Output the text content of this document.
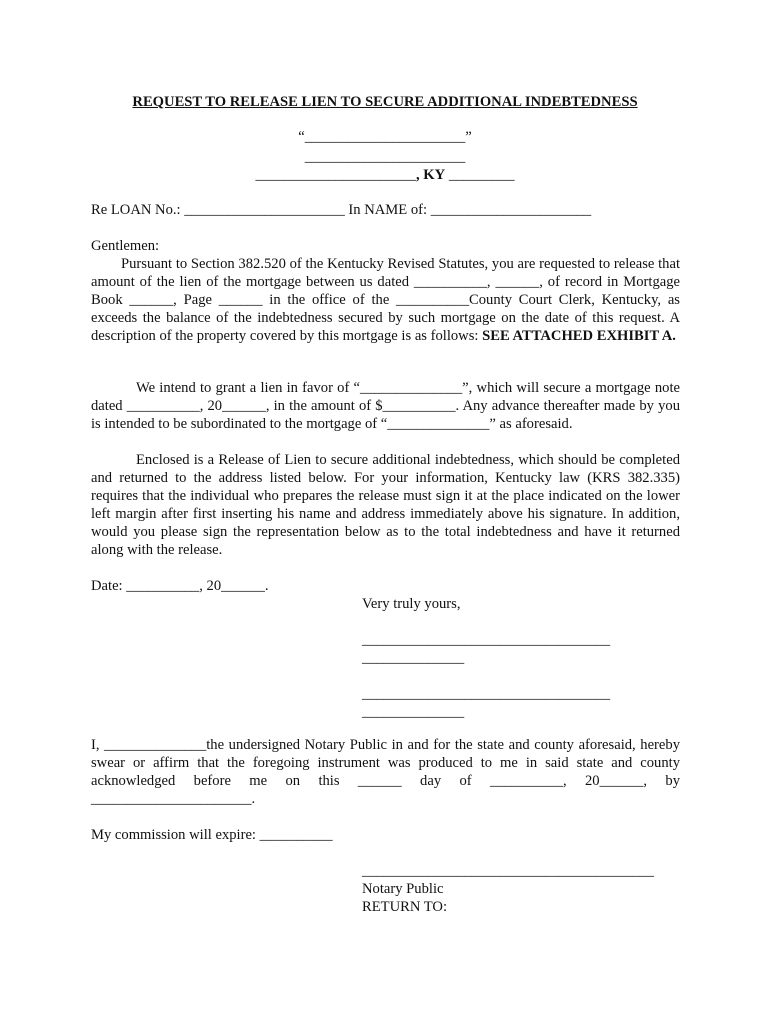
REQUEST TO RELEASE LIEN TO SECURE ADDITIONAL INDEBTEDNESS
“______________________”
______________________
______________________, KY _________
Re LOAN No.: ______________________ In NAME of: ______________________
Gentlemen:
Pursuant to Section 382.520 of the Kentucky Revised Statutes, you are requested to release that amount of the lien of the mortgage between us dated __________, ______, of record in Mortgage Book ______, Page ______ in the office of the __________County Court Clerk, Kentucky, as exceeds the balance of the indebtedness secured by such mortgage on the date of this request. A description of the property covered by this mortgage is as follows: SEE ATTACHED EXHIBIT A.
We intend to grant a lien in favor of “______________”, which will secure a mortgage note dated __________, 20______, in the amount of $__________. Any advance thereafter made by you is intended to be subordinated to the mortgage of “______________” as aforesaid.
Enclosed is a Release of Lien to secure additional indebtedness, which should be completed and returned to the address listed below. For your information, Kentucky law (KRS 382.335) requires that the individual who prepares the release must sign it at the place indicated on the lower left margin after first inserting his name and address immediately above his signature. In addition, would you please sign the representation below as to the total indebtedness and have it returned along with the release.
Date: __________, 20______.
Very truly yours,
__________________________________
______________
__________________________________
______________
I, ______________the undersigned Notary Public in and for the state and county aforesaid, hereby swear or affirm that the foregoing instrument was produced to me in said state and county acknowledged before me on this ______ day of __________, 20______, by ______________________.
My commission will expire: __________
________________________________________
Notary Public
RETURN TO:
